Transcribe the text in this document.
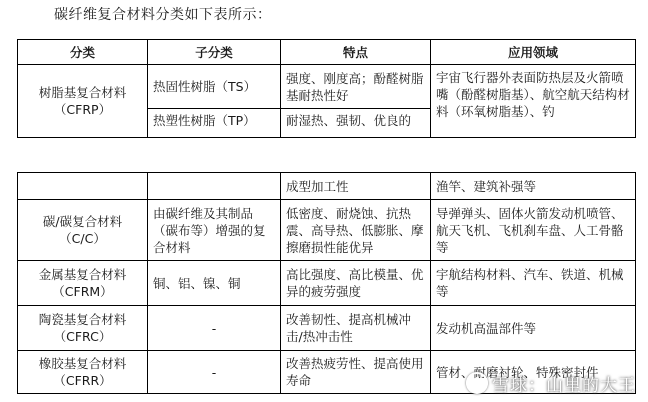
碳纤维复合材料分类如下表所示：
分类	子分类	特点	应用领域

树脂基复合材料
（CFRP）	热固性树脂（TS）	强度、刚度高；酚醛树脂基耐热性好	宇宙飞行器外表面防热层及火箭喷嘴（酚醛树脂基）、航空航天结构材料（环氧树脂基）、钓
	热塑性树脂（TP）	耐湿热、强韧、优良的	
		成型加工性	渔竿、建筑补强等
碳/碳复合材料（C/C）	由碳纤维及其制品（碳布等）增强的复合材料	低密度、耐烧蚀、抗热震、高导热、低膨胀、摩擦磨损性能优异	导弹弹头、固体火箭发动机喷管、航天飞机、飞机刹车盘、人工骨骼等
金属基复合材料（CFRM）	铜、铝、镍、铜	高比强度、高比模量、优异的疲劳强度	宇航结构材料、汽车、铁道、机械等
陶瓷基复合材料（CFRC）	-	改善韧性、提高机械冲击/热冲击性	发动机高温部件等
橡胶基复合材料（CFRR）	-	改善热疲劳性、提高使用寿命	管材、耐磨衬轮、特殊密封件
雪球：山里的大王
